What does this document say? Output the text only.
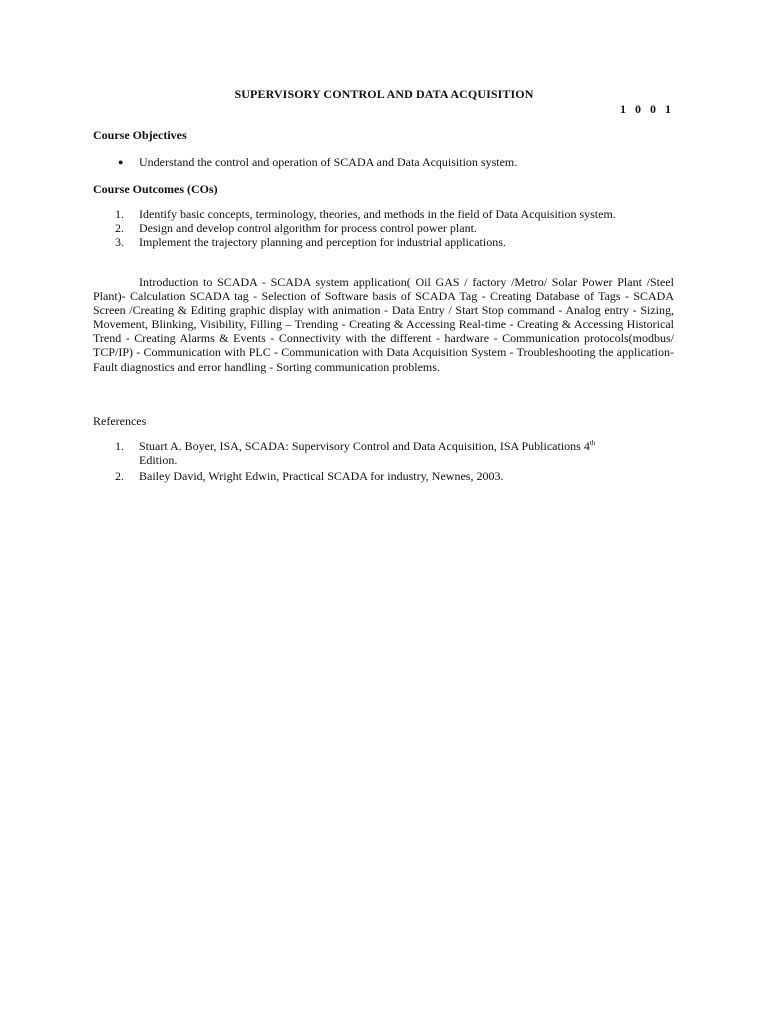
SUPERVISORY CONTROL AND DATA ACQUISITION
1 0 0 1
Course Objectives
● Understand the control and operation of SCADA and Data Acquisition system.
Course Outcomes (COs)
1. Identify basic concepts, terminology, theories, and methods in the field of Data Acquisition system.
2. Design and develop control algorithm for process control power plant.
3. Implement the trajectory planning and perception for industrial applications.
Introduction to SCADA - SCADA system application( Oil GAS / factory /Metro/ Solar Power Plant /Steel Plant)- Calculation SCADA tag - Selection of Software basis of SCADA Tag - Creating Database of Tags - SCADA Screen /Creating & Editing graphic display with animation - Data Entry / Start Stop command - Analog entry - Sizing, Movement, Blinking, Visibility, Filling – Trending - Creating & Accessing Real-time - Creating & Accessing Historical Trend - Creating Alarms & Events - Connectivity with the different - hardware - Communication protocols(modbus/ TCP/IP) - Communication with PLC - Communication with Data Acquisition System - Troubleshooting the application- Fault diagnostics and error handling - Sorting communication problems.
References
1. Stuart A. Boyer, ISA, SCADA: Supervisory Control and Data Acquisition, ISA Publications 4th
Edition.
2. Bailey David, Wright Edwin, Practical SCADA for industry, Newnes, 2003.
